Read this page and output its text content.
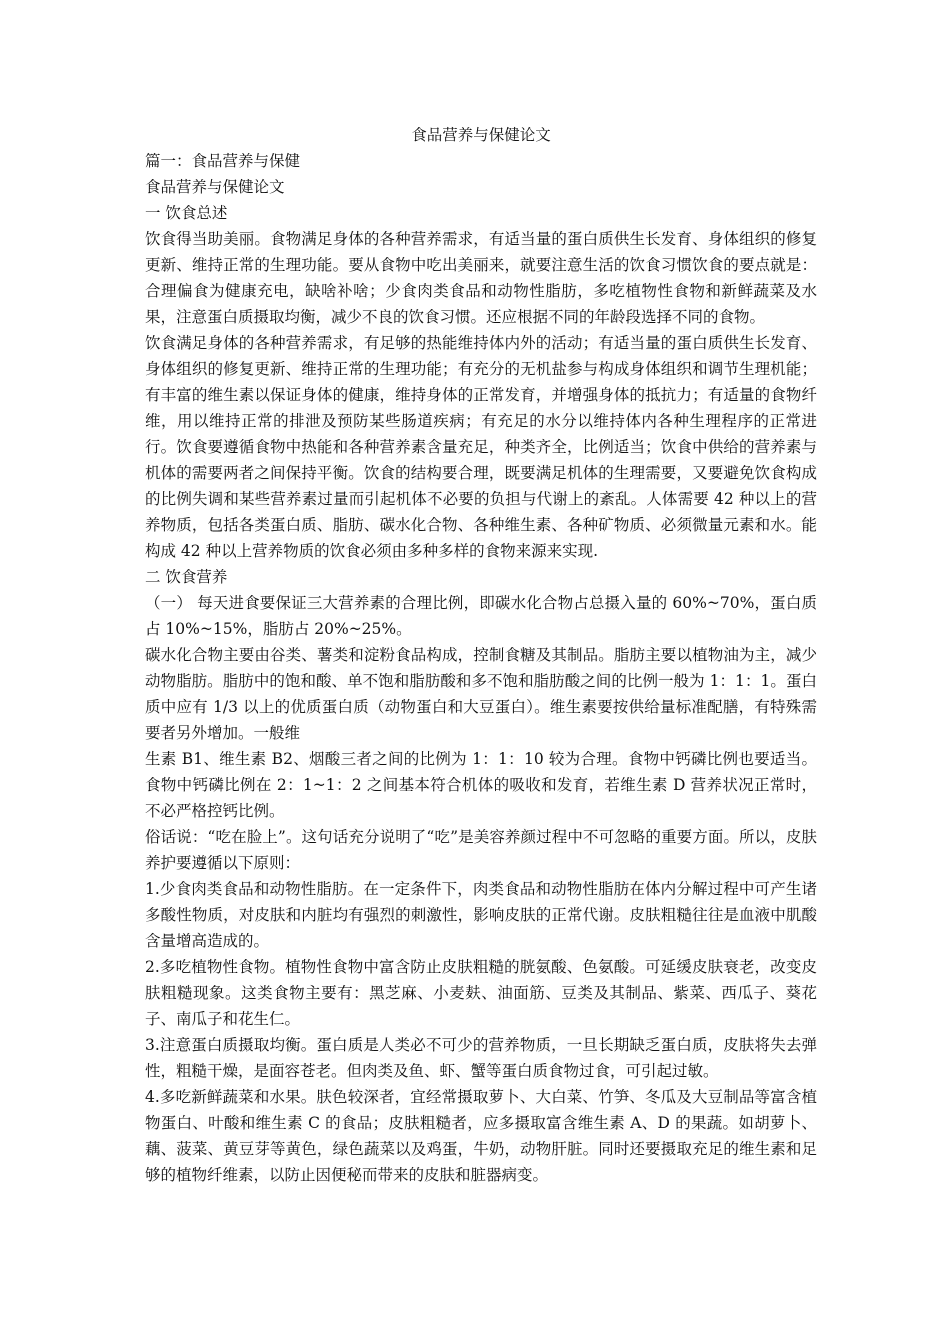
食品营养与保健论文

篇一：食品营养与保健

食品营养与保健论文

一 饮食总述

饮食得当助美丽。食物满足身体的各种营养需求，有适当量的蛋白质供生长发育、身体组织的修复更新、维持正常的生理功能。要从食物中吃出美丽来，就要注意生活的饮食习惯饮食的要点就是：合理偏食为健康充电，缺啥补啥；少食肉类食品和动物性脂肪，多吃植物性食物和新鲜蔬菜及水果，注意蛋白质摄取均衡，减少不良的饮食习惯。还应根据不同的年龄段选择不同的食物。

饮食满足身体的各种营养需求，有足够的热能维持体内外的活动；有适当量的蛋白质供生长发育、身体组织的修复更新、维持正常的生理功能；有充分的无机盐参与构成身体组织和调节生理机能；有丰富的维生素以保证身体的健康，维持身体的正常发育，并增强身体的抵抗力；有适量的食物纤维，用以维持正常的排泄及预防某些肠道疾病；有充足的水分以维持体内各种生理程序的正常进行。饮食要遵循食物中热能和各种营养素含量充足，种类齐全，比例适当；饮食中供给的营养素与机体的需要两者之间保持平衡。饮食的结构要合理，既要满足机体的生理需要，又要避免饮食构成的比例失调和某些营养素过量而引起机体不必要的负担与代谢上的紊乱。人体需要 42 种以上的营养物质，包括各类蛋白质、脂肪、碳水化合物、各种维生素、各种矿物质、必须微量元素和水。能构成 42 种以上营养物质的饮食必须由多种多样的食物来源来实现.

二 饮食营养

（一） 每天进食要保证三大营养素的合理比例，即碳水化合物占总摄入量的 60%~70%，蛋白质占 10%~15%，脂肪占 20%~25%。

碳水化合物主要由谷类、薯类和淀粉食品构成，控制食糖及其制品。脂肪主要以植物油为主，减少动物脂肪。脂肪中的饱和酸、单不饱和脂肪酸和多不饱和脂肪酸之间的比例一般为 1：1：1。蛋白质中应有 1/3 以上的优质蛋白质（动物蛋白和大豆蛋白）。维生素要按供给量标准配膳，有特殊需要者另外增加。一般维

生素 B1、维生素 B2、烟酸三者之间的比例为 1：1：10 较为合理。食物中钙磷比例也要适当。食物中钙磷比例在 2：1~1：2 之间基本符合机体的吸收和发育，若维生素 D 营养状况正常时，不必严格控钙比例。

俗话说：“吃在脸上”。这句话充分说明了“吃”是美容养颜过程中不可忽略的重要方面。所以，皮肤养护要遵循以下原则：

1.少食肉类食品和动物性脂肪。在一定条件下，肉类食品和动物性脂肪在体内分解过程中可产生诸多酸性物质，对皮肤和内脏均有强烈的刺激性，影响皮肤的正常代谢。皮肤粗糙往往是血液中肌酸含量增高造成的。

2.多吃植物性食物。植物性食物中富含防止皮肤粗糙的胱氨酸、色氨酸。可延缓皮肤衰老，改变皮肤粗糙现象。这类食物主要有：黑芝麻、小麦麸、油面筋、豆类及其制品、紫菜、西瓜子、葵花子、南瓜子和花生仁。

3.注意蛋白质摄取均衡。蛋白质是人类必不可少的营养物质，一旦长期缺乏蛋白质，皮肤将失去弹性，粗糙干燥，是面容苍老。但肉类及鱼、虾、蟹等蛋白质食物过食，可引起过敏。

4.多吃新鲜蔬菜和水果。肤色较深者，宜经常摄取萝卜、大白菜、竹笋、冬瓜及大豆制品等富含植物蛋白、叶酸和维生素 C 的食品；皮肤粗糙者，应多摄取富含维生素 A、D 的果蔬。如胡萝卜、藕、菠菜、黄豆芽等黄色，绿色蔬菜以及鸡蛋，牛奶，动物肝脏。同时还要摄取充足的维生素和足够的植物纤维素，以防止因便秘而带来的皮肤和脏器病变。
